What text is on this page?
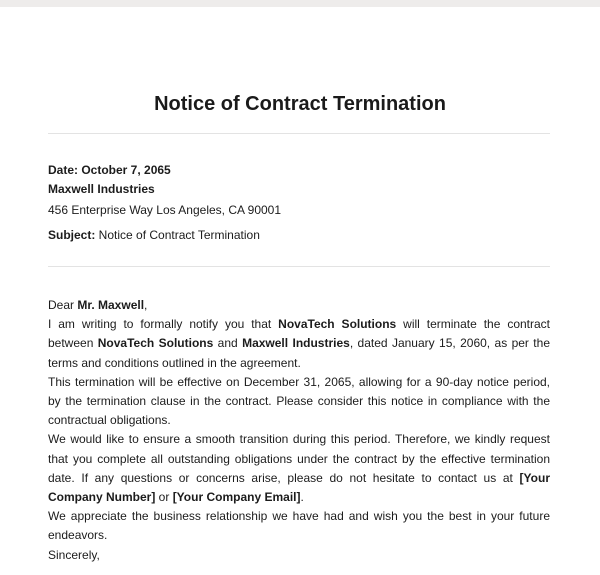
Notice of Contract Termination
Date: October 7, 2065
Maxwell Industries
456 Enterprise Way Los Angeles, CA 90001
Subject: Notice of Contract Termination

Dear Mr. Maxwell,

I am writing to formally notify you that NovaTech Solutions will terminate the contract between NovaTech Solutions and Maxwell Industries, dated January 15, 2060, as per the terms and conditions outlined in the agreement.

This termination will be effective on December 31, 2065, allowing for a 90-day notice period, by the termination clause in the contract. Please consider this notice in compliance with the contractual obligations.

We would like to ensure a smooth transition during this period. Therefore, we kindly request that you complete all outstanding obligations under the contract by the effective termination date. If any questions or concerns arise, please do not hesitate to contact us at [Your Company Number] or [Your Company Email].

We appreciate the business relationship we have had and wish you the best in your future endeavors.

Sincerely,
